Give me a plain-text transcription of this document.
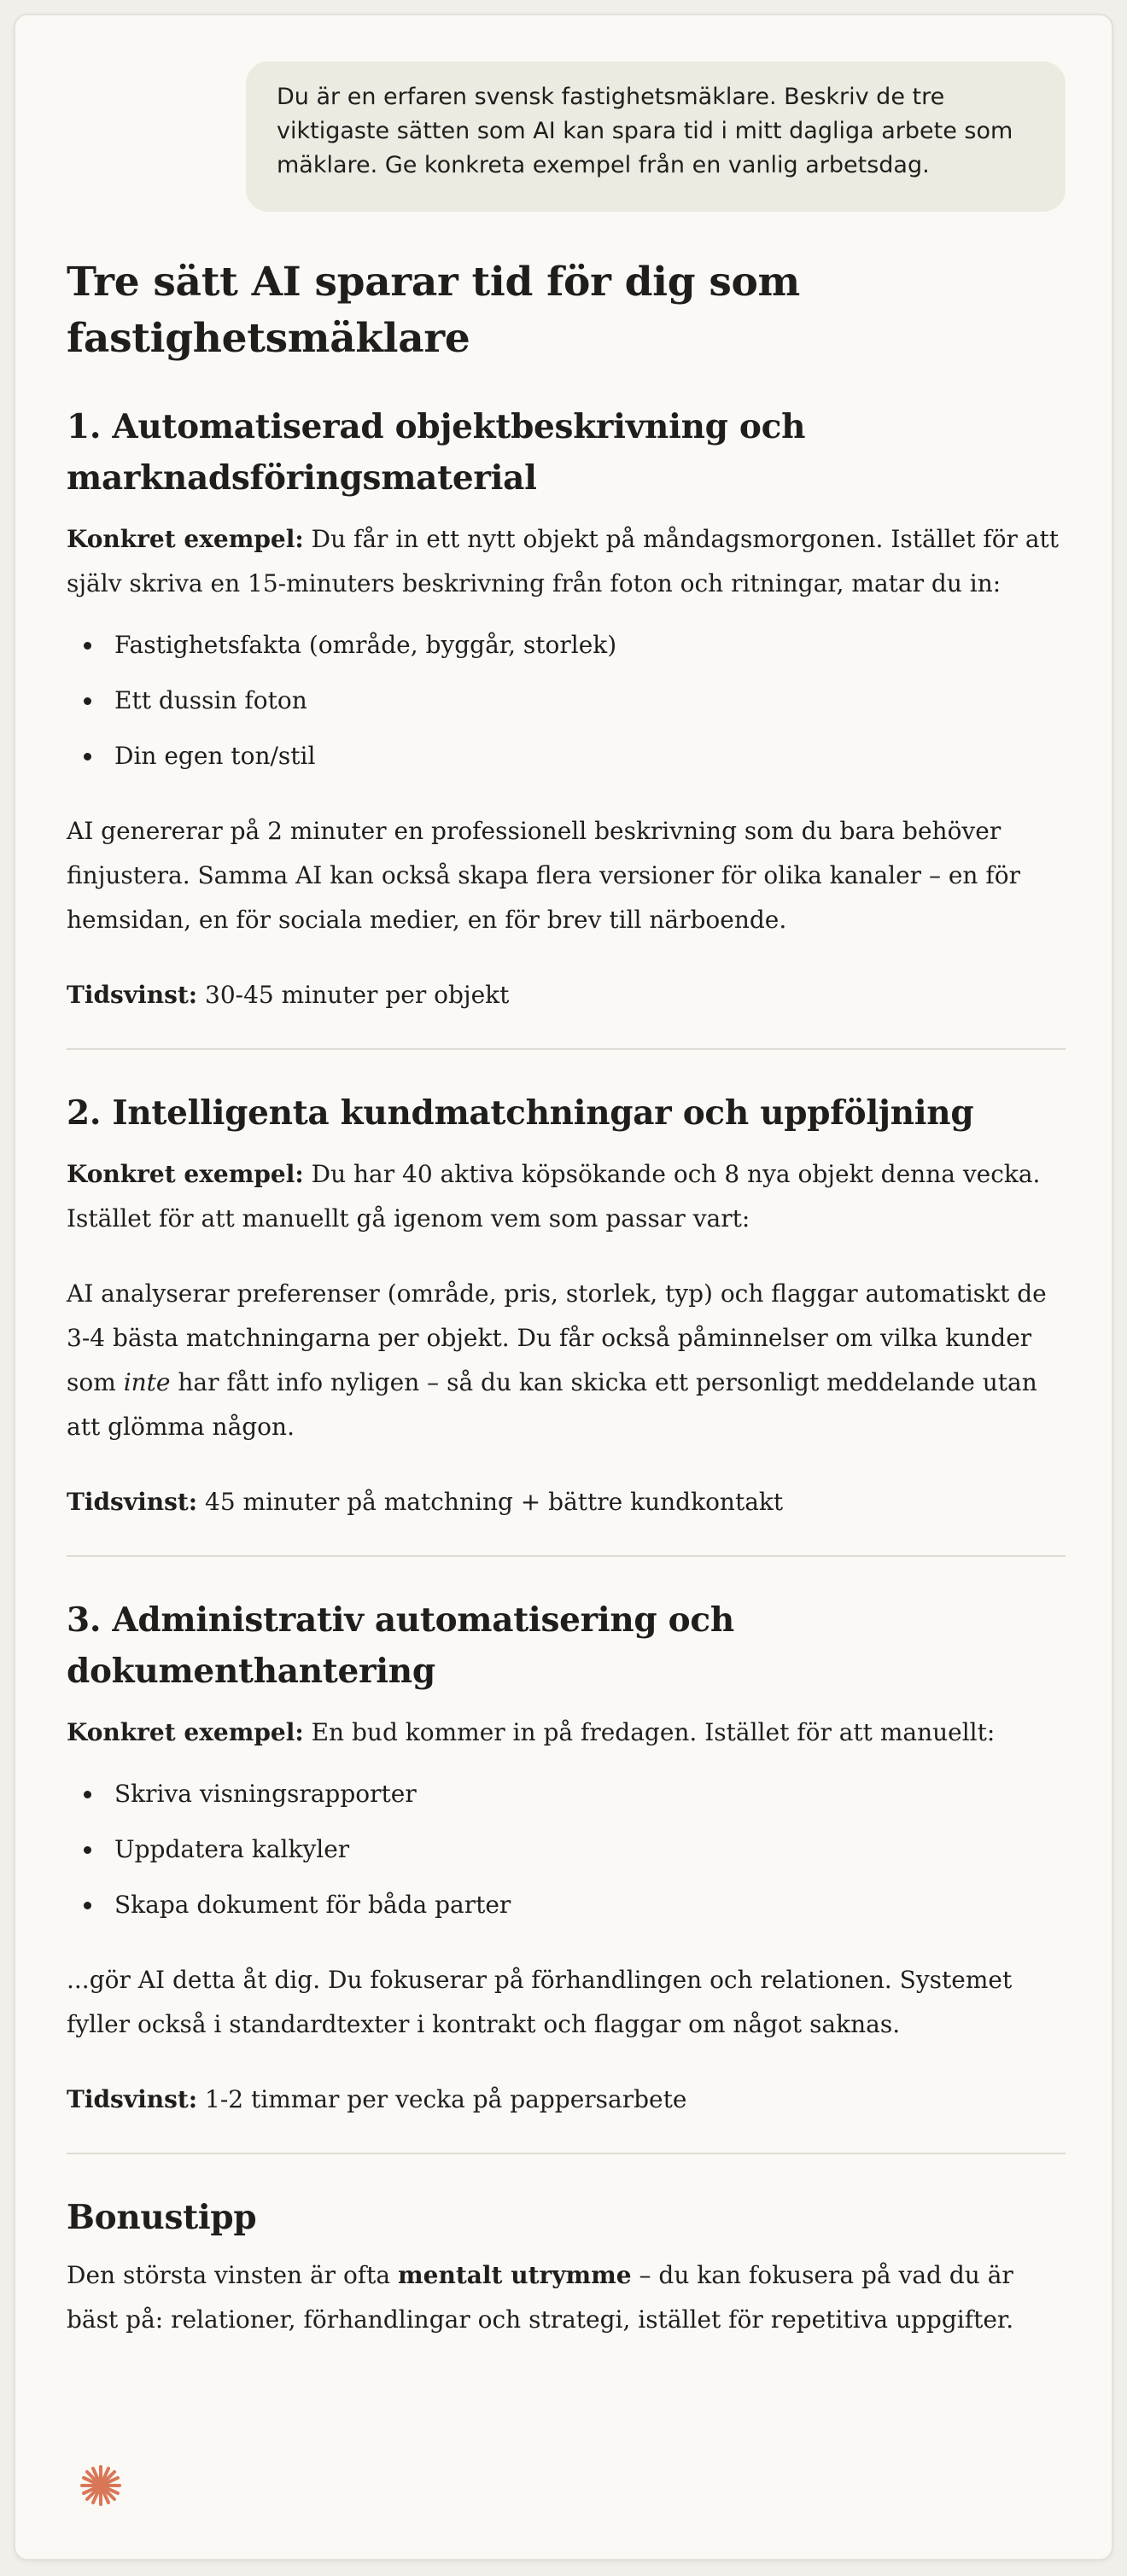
Du är en erfaren svensk fastighetsmäklare. Beskriv de tre viktigaste sätten som AI kan spara tid i mitt dagliga arbete som mäklare. Ge konkreta exempel från en vanlig arbetsdag.
Tre sätt AI sparar tid för dig som fastighetsmäklare
1. Automatiserad objektbeskrivning och marknadsföringsmaterial

Konkret exempel: Du får in ett nytt objekt på måndagsmorgonen. Istället för att själv skriva en 15-minuters beskrivning från foton och ritningar, matar du in:

Fastighetsfakta (område, byggår, storlek)
Ett dussin foton
Din egen ton/stil

AI genererar på 2 minuter en professionell beskrivning som du bara behöver finjustera. Samma AI kan också skapa flera versioner för olika kanaler – en för hemsidan, en för sociala medier, en för brev till närboende.

Tidsvinst: 30-45 minuter per objekt

2. Intelligenta kundmatchningar och uppföljning

Konkret exempel: Du har 40 aktiva köpsökande och 8 nya objekt denna vecka. Istället för att manuellt gå igenom vem som passar vart:

AI analyserar preferenser (område, pris, storlek, typ) och flaggar automatiskt de 3-4 bästa matchningarna per objekt. Du får också påminnelser om vilka kunder som inte har fått info nyligen – så du kan skicka ett personligt meddelande utan att glömma någon.

Tidsvinst: 45 minuter på matchning + bättre kundkontakt

3. Administrativ automatisering och dokumenthantering

Konkret exempel: En bud kommer in på fredagen. Istället för att manuellt:

Skriva visningsrapporter
Uppdatera kalkyler
Skapa dokument för båda parter

...gör AI detta åt dig. Du fokuserar på förhandlingen och relationen. Systemet fyller också i standardtexter i kontrakt och flaggar om något saknas.

Tidsvinst: 1-2 timmar per vecka på pappersarbete

Bonustipp

Den största vinsten är ofta mentalt utrymme – du kan fokusera på vad du är bäst på: relationer, förhandlingar och strategi, istället för repetitiva uppgifter.
